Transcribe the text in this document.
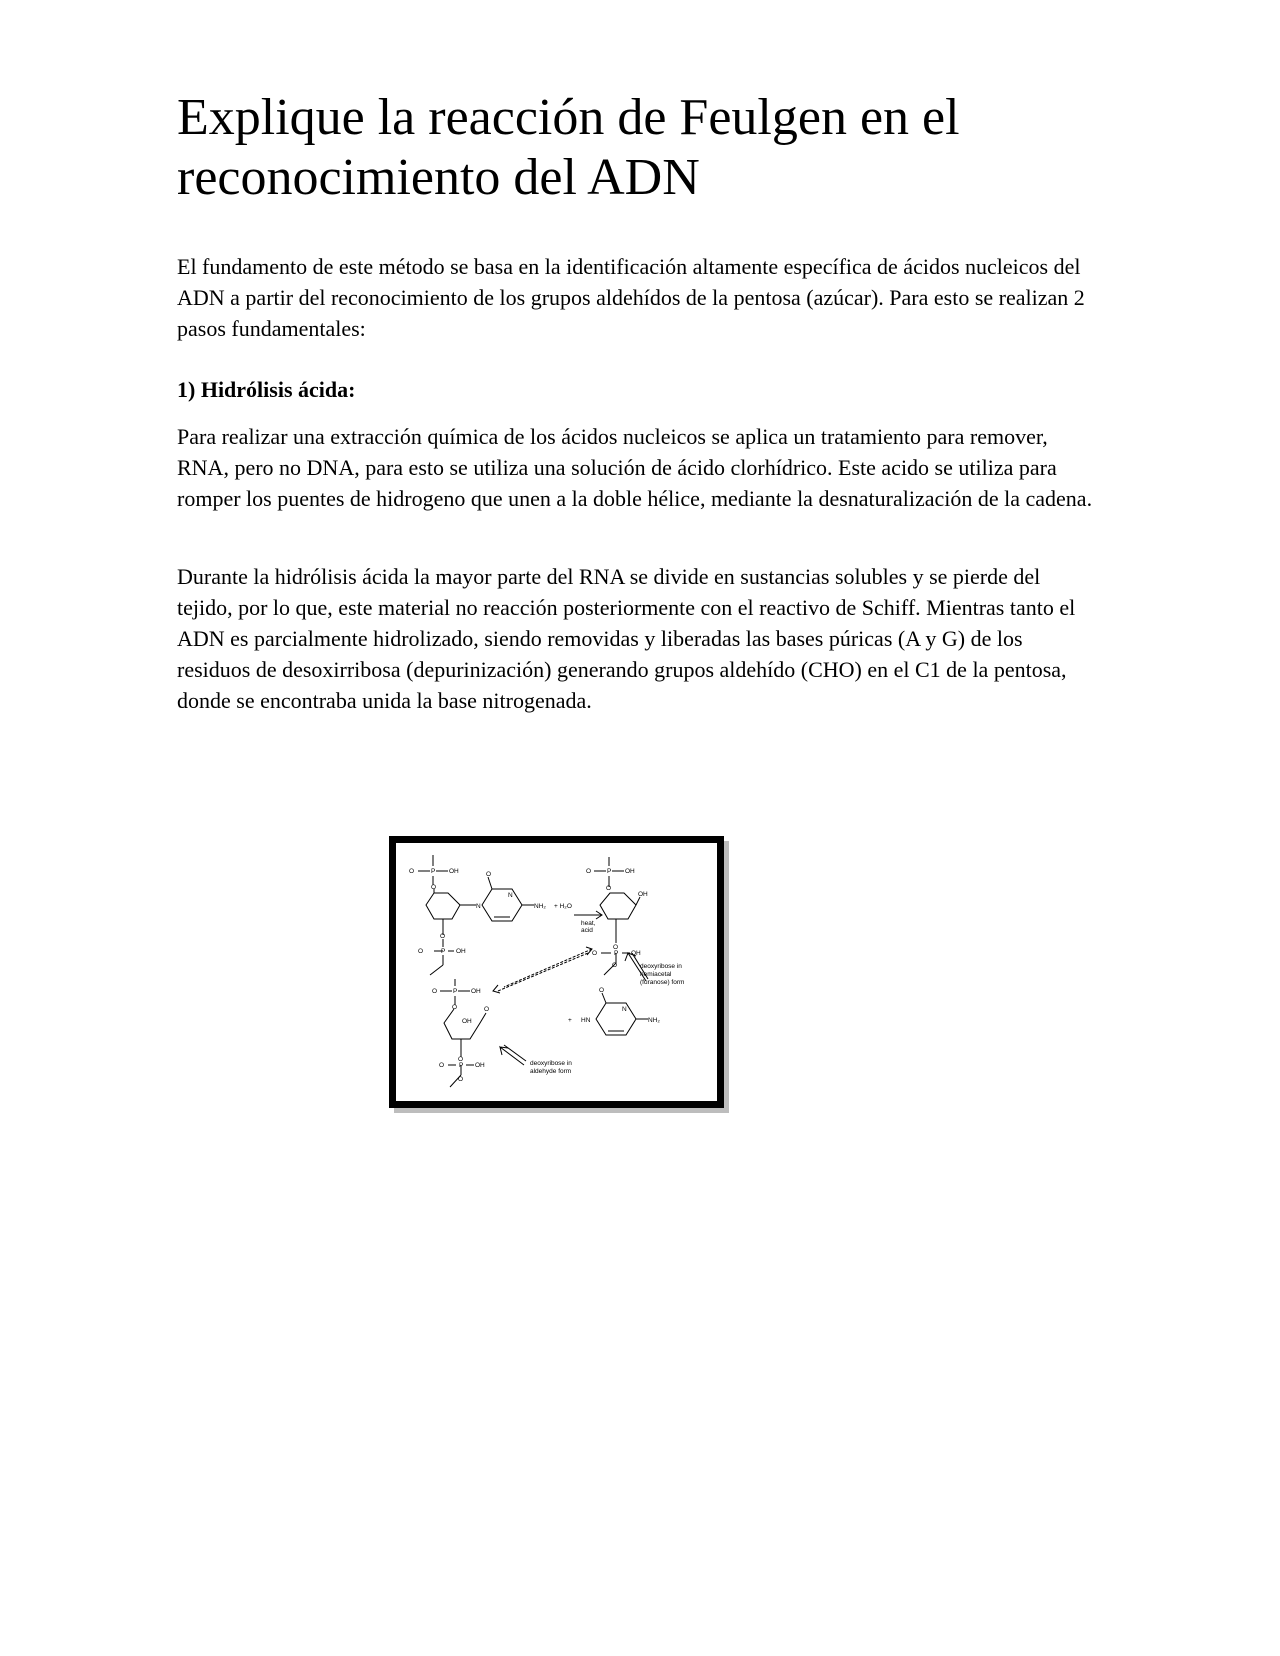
Explique la reacción de Feulgen en el reconocimiento del ADN

El fundamento de este método se basa en la identificación altamente específica de ácidos nucleicos del ADN a partir del reconocimiento de los grupos aldehídos de la pentosa (azúcar). Para esto se realizan 2 pasos fundamentales:

1) Hidrólisis ácida:

Para realizar una extracción química de los ácidos nucleicos se aplica un tratamiento para remover, RNA, pero no DNA, para esto se utiliza una solución de ácido clorhídrico. Este acido se utiliza para romper los puentes de hidrogeno que unen a la doble hélice, mediante la desnaturalización de la cadena.

Durante la hidrólisis ácida la mayor parte del RNA se divide en sustancias solubles y se pierde del tejido, por lo que, este material no reacción posteriormente con el reactivo de Schiff. Mientras tanto el ADN es parcialmente hidrolizado, siendo removidas y liberadas las bases púricas (A y G) de los residuos de desoxirribosa (depurinización) generando grupos aldehído (CHO) en el C1 de la pentosa, donde se encontraba unida la base nitrogenada.

O	P OH
O
O
N
N
NH₂ + H₂O
heat,
acid
O
O	P OH
O P OH
O
OH
O
O	P OH
O	deoxyribose in
hemiacetal
(furanose) form
O P OH
O
OH
O
O
O P OH
O
deoxyribose in
aldehyde form
O
N
+ HN	NH₂
